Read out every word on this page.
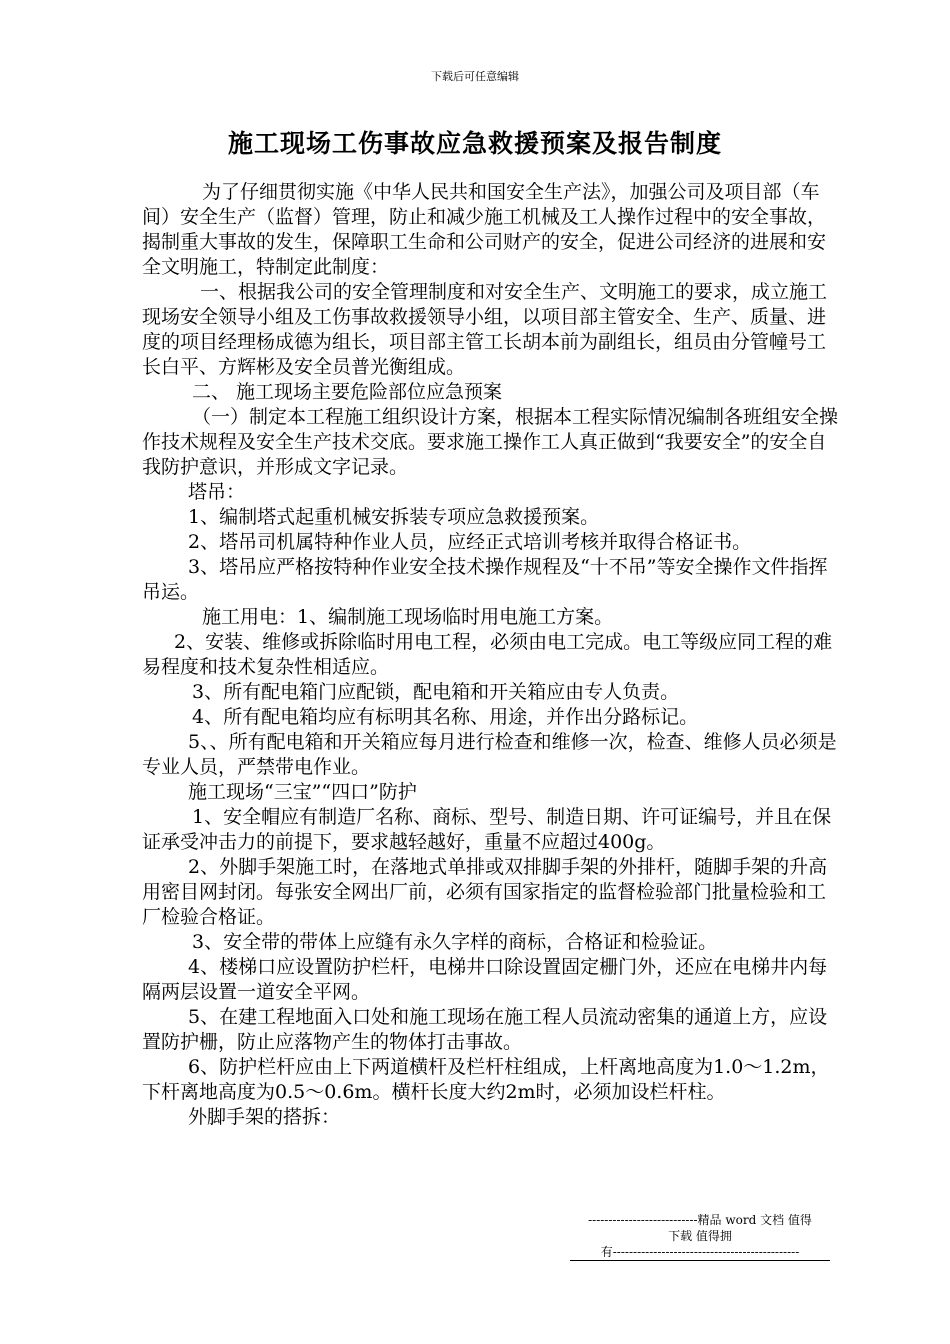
下载后可任意编辑
施工现场工伤事故应急救援预案及报告制度

为了仔细贯彻实施《中华人民共和国安全生产法》，加强公司及项目部（车间）安全生产（监督）管理，防止和减少施工机械及工人操作过程中的安全事故，揭制重大事故的发生，保障职工生命和公司财产的安全，促进公司经济的进展和安全文明施工，特制定此制度：

一、根据我公司的安全管理制度和对安全生产、文明施工的要求，成立施工现场安全领导小组及工伤事故救援领导小组，以项目部主管安全、生产、质量、进度的项目经理杨成德为组长，项目部主管工长胡本前为副组长，组员由分管幢号工长白平、方辉彬及安全员普光衡组成。

二、 施工现场主要危险部位应急预案

（一）制定本工程施工组织设计方案，根据本工程实际情况编制各班组安全操作技术规程及安全生产技术交底。要求施工操作工人真正做到“我要安全”的安全自我防护意识，并形成文字记录。

塔吊：

1、编制塔式起重机械安拆装专项应急救援预案。

2、塔吊司机属特种作业人员，应经正式培训考核并取得合格证书。

3、塔吊应严格按特种作业安全技术操作规程及“十不吊”等安全操作文件指挥吊运。

施工用电：1、编制施工现场临时用电施工方案。

2、安装、维修或拆除临时用电工程，必须由电工完成。电工等级应同工程的难易程度和技术复杂性相适应。

3、所有配电箱门应配锁，配电箱和开关箱应由专人负责。

4、所有配电箱均应有标明其名称、用途，并作出分路标记。

5、、所有配电箱和开关箱应每月进行检查和维修一次，检查、维修人员必须是专业人员，严禁带电作业。

施工现场“三宝”“四口”防护

1、安全帽应有制造厂名称、商标、型号、制造日期、许可证编号，并且在保证承受冲击力的前提下，要求越轻越好，重量不应超过400g。

2、外脚手架施工时，在落地式单排或双排脚手架的外排杆，随脚手架的升高用密目网封闭。每张安全网出厂前，必须有国家指定的监督检验部门批量检验和工厂检验合格证。

3、安全带的带体上应缝有永久字样的商标，合格证和检验证。

4、楼梯口应设置防护栏杆，电梯井口除设置固定栅门外，还应在电梯井内每隔两层设置一道安全平网。

5、在建工程地面入口处和施工现场在施工程人员流动密集的通道上方，应设置防护栅，防止应落物产生的物体打击事故。

6、防护栏杆应由上下两道横杆及栏杆柱组成，上杆离地高度为1.0～1.2m，下杆离地高度为0.5～0.6m。横杆长度大约2m时，必须加设栏杆柱。

外脚手架的搭拆：

---------------------------精品 word 文档 值得
下载 值得拥
有----------------------------------------------
